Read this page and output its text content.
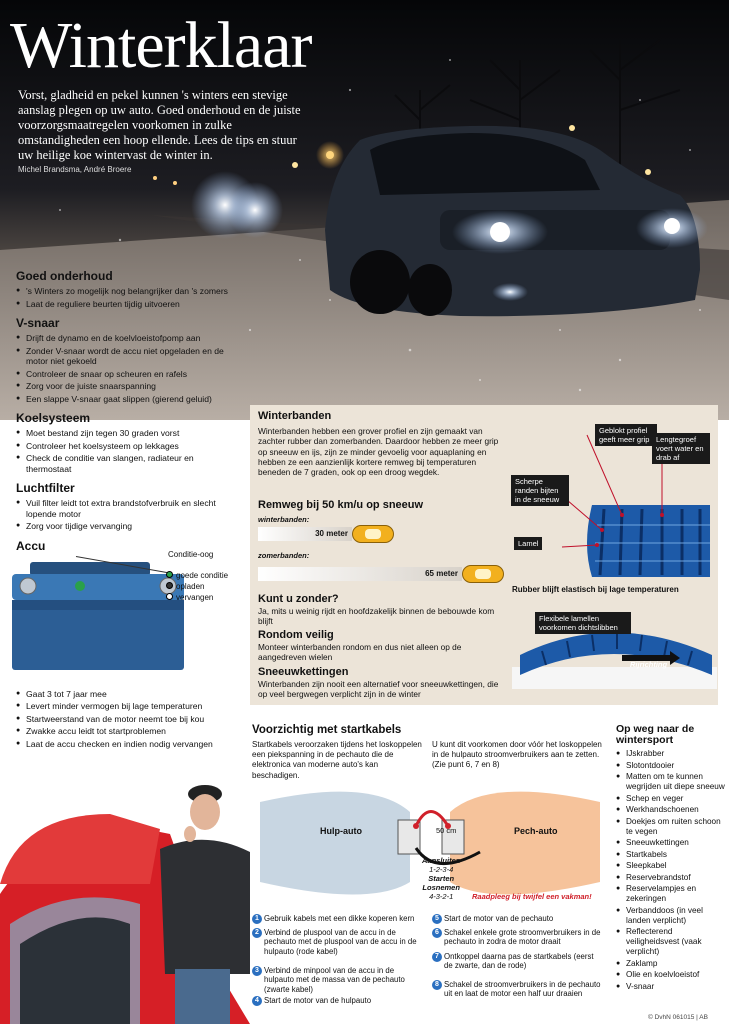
Winterklaar
Vorst, gladheid en pekel kunnen 's winters een stevige aanslag plegen op uw auto. Goed onderhoud en de juiste voorzorgsmaatregelen voorkomen in zulke omstandigheden een hoop ellende. Lees de tips en stuur uw heilige koe wintervast de winter in.
Michel Brandsma, André Broere
Goed onderhoud
● 's Winters zo mogelijk nog belangrijker dan 's zomers
● Laat de reguliere beurten tijdig uitvoeren
V-snaar
● Drijft de dynamo en de koelvloeistofpomp aan
● Zonder V-snaar wordt de accu niet opgeladen en de motor niet gekoeld
● Controleer de snaar op scheuren en rafels
● Zorg voor de juiste snaarspanning
● Een slappe V-snaar gaat slippen (gierend geluid)
Koelsysteem
● Moet bestand zijn tegen 30 graden vorst
● Controleer het koelsysteem op lekkages
● Check de conditie van slangen, radiateur en thermostaat
Luchtfilter
● Vuil filter leidt tot extra brandstofverbruik en slecht lopende motor
● Zorg voor tijdige vervanging
Accu
Conditie-oog
goede conditie
opladen
vervangen
● Gaat 3 tot 7 jaar mee
● Levert minder vermogen bij lage temperaturen
● Startweerstand van de motor neemt toe bij kou
● Zwakke accu leidt tot startproblemen
● Laat de accu checken en indien nodig vervangen
Winterbanden
Winterbanden hebben een grover profiel en zijn gemaakt van zachter rubber dan zomerbanden. Daardoor hebben ze meer grip op sneeuw en ijs, zijn ze minder gevoelig voor aquaplaning en hebben ze een aanzienlijk kortere remweg bij temperaturen beneden de 7 graden, ook op een droog wegdek.
Remweg bij 50 km/u op sneeuw
winterbanden:
30 meter
zomerbanden:
65 meter
Kunt u zonder?
Ja, mits u weinig rijdt en hoofdzakelijk binnen de bebouwde kom blijft
Rondom veilig
Monteer winterbanden rondom en dus niet alleen op de aangedreven wielen
Sneeuwkettingen
Winterbanden zijn nooit een alternatief voor sneeuwkettingen, die op veel bergwegen verplicht zijn in de winter
Geblokt profiel geeft meer grip Lengtegroef voert water en drab af
Scherpe randen bijten in de sneeuw
Lamel
Rubber blijft elastisch bij lage temperaturen
Flexibele lamellen voorkomen dichtslibben
Rijrichting
Voorzichtig met startkabels
Startkabels veroorzaken tijdens het loskoppelen een piekspanning in de pechauto die de elektronica van moderne auto's kan beschadigen.
U kunt dit voorkomen door vóór het loskoppelen in de hulpauto stroomverbruikers aan te zetten. (Zie punt 6, 7 en 8)
Hulp-auto	Pech-auto
50 cm
Aansluiten
1-2-3-4
Starten
Losnemen
4-3-2-1	Raadpleeg bij twijfel een vakman!
1 Gebruik kabels met een dikke koperen kern
2 Verbind de pluspool van de accu in de pechauto met de pluspool van de accu in de hulpauto (rode kabel)
3 Verbind de minpool van de accu in de hulpauto met de massa van de pechauto (zwarte kabel)
4 Start de motor van de hulpauto
5 Start de motor van de pechauto
6 Schakel enkele grote stroomverbruikers in de pechauto in zodra de motor draait
7 Ontkoppel daarna pas de startkabels (eerst de zwarte, dan de rode)
8 Schakel de stroomverbruikers in de pechauto uit en laat de motor een half uur draaien
Op weg naar de wintersport
● IJskrabber
● Slotontdooier
● Matten om te kunnen wegrijden uit diepe sneeuw
● Schep en veger
● Werkhandschoenen
● Doekjes om ruiten schoon te vegen
● Sneeuwkettingen
● Startkabels
● Sleepkabel
● Reservebrandstof
● Reservelampjes en zekeringen
● Verbanddoos (in veel landen verplicht)
● Reflecterend veiligheidsvest (vaak verplicht)
● Zaklamp
● Olie en koelvloeistof
● V-snaar
© DvhN 061015 | AB
